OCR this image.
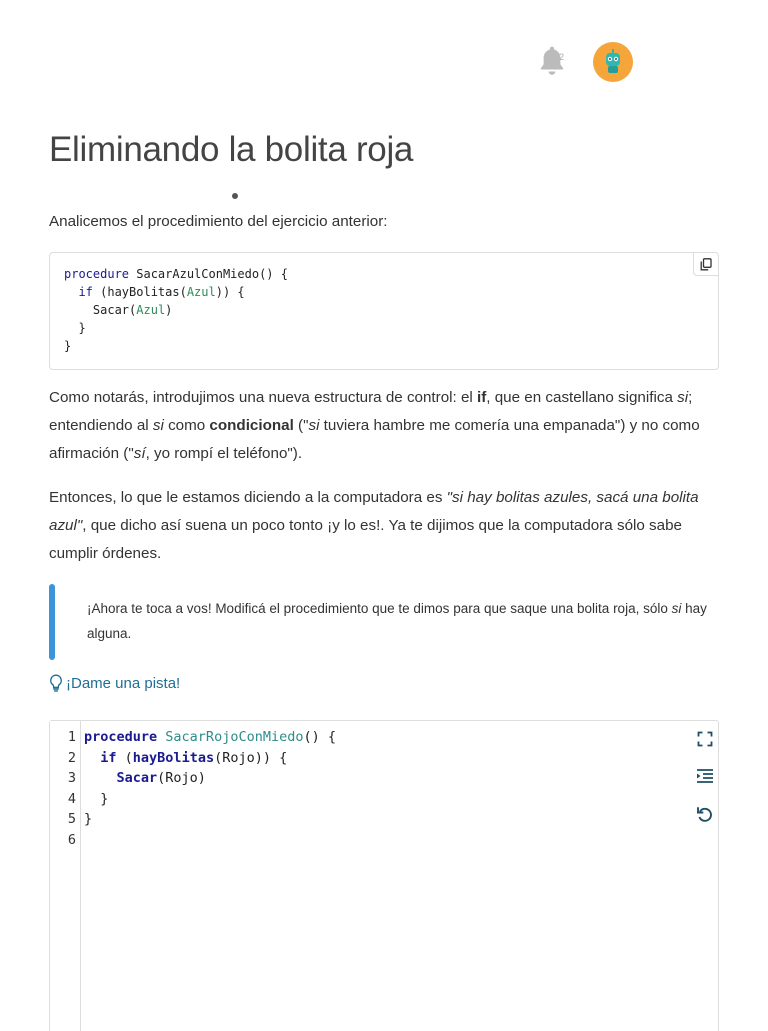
2
Eliminando la bolita roja

Analicemos el procedimiento del ejercicio anterior:

procedure SacarAzulConMiedo() {
if (hayBolitas(Azul)) {
Sacar(Azul)
}
}

Como notarás, introdujimos una nueva estructura de control: el if, que en castellano significa si; entendiendo al si como condicional ("si tuviera hambre me comería una empanada") y no como afirmación ("sí, yo rompí el teléfono").

Entonces, lo que le estamos diciendo a la computadora es "si hay bolitas azules, sacá una bolita azul", que dicho así suena un poco tonto ¡y lo es!. Ya te dijimos que la computadora sólo sabe cumplir órdenes.

¡Ahora te toca a vos! Modificá el procedimiento que te dimos para que saque una bolita roja, sólo si hay alguna.

¡Dame una pista!
1
2
3
4
5
6
procedure SacarRojoConMiedo() {
if (hayBolitas(Rojo)) {
Sacar(Rojo)
}
}
